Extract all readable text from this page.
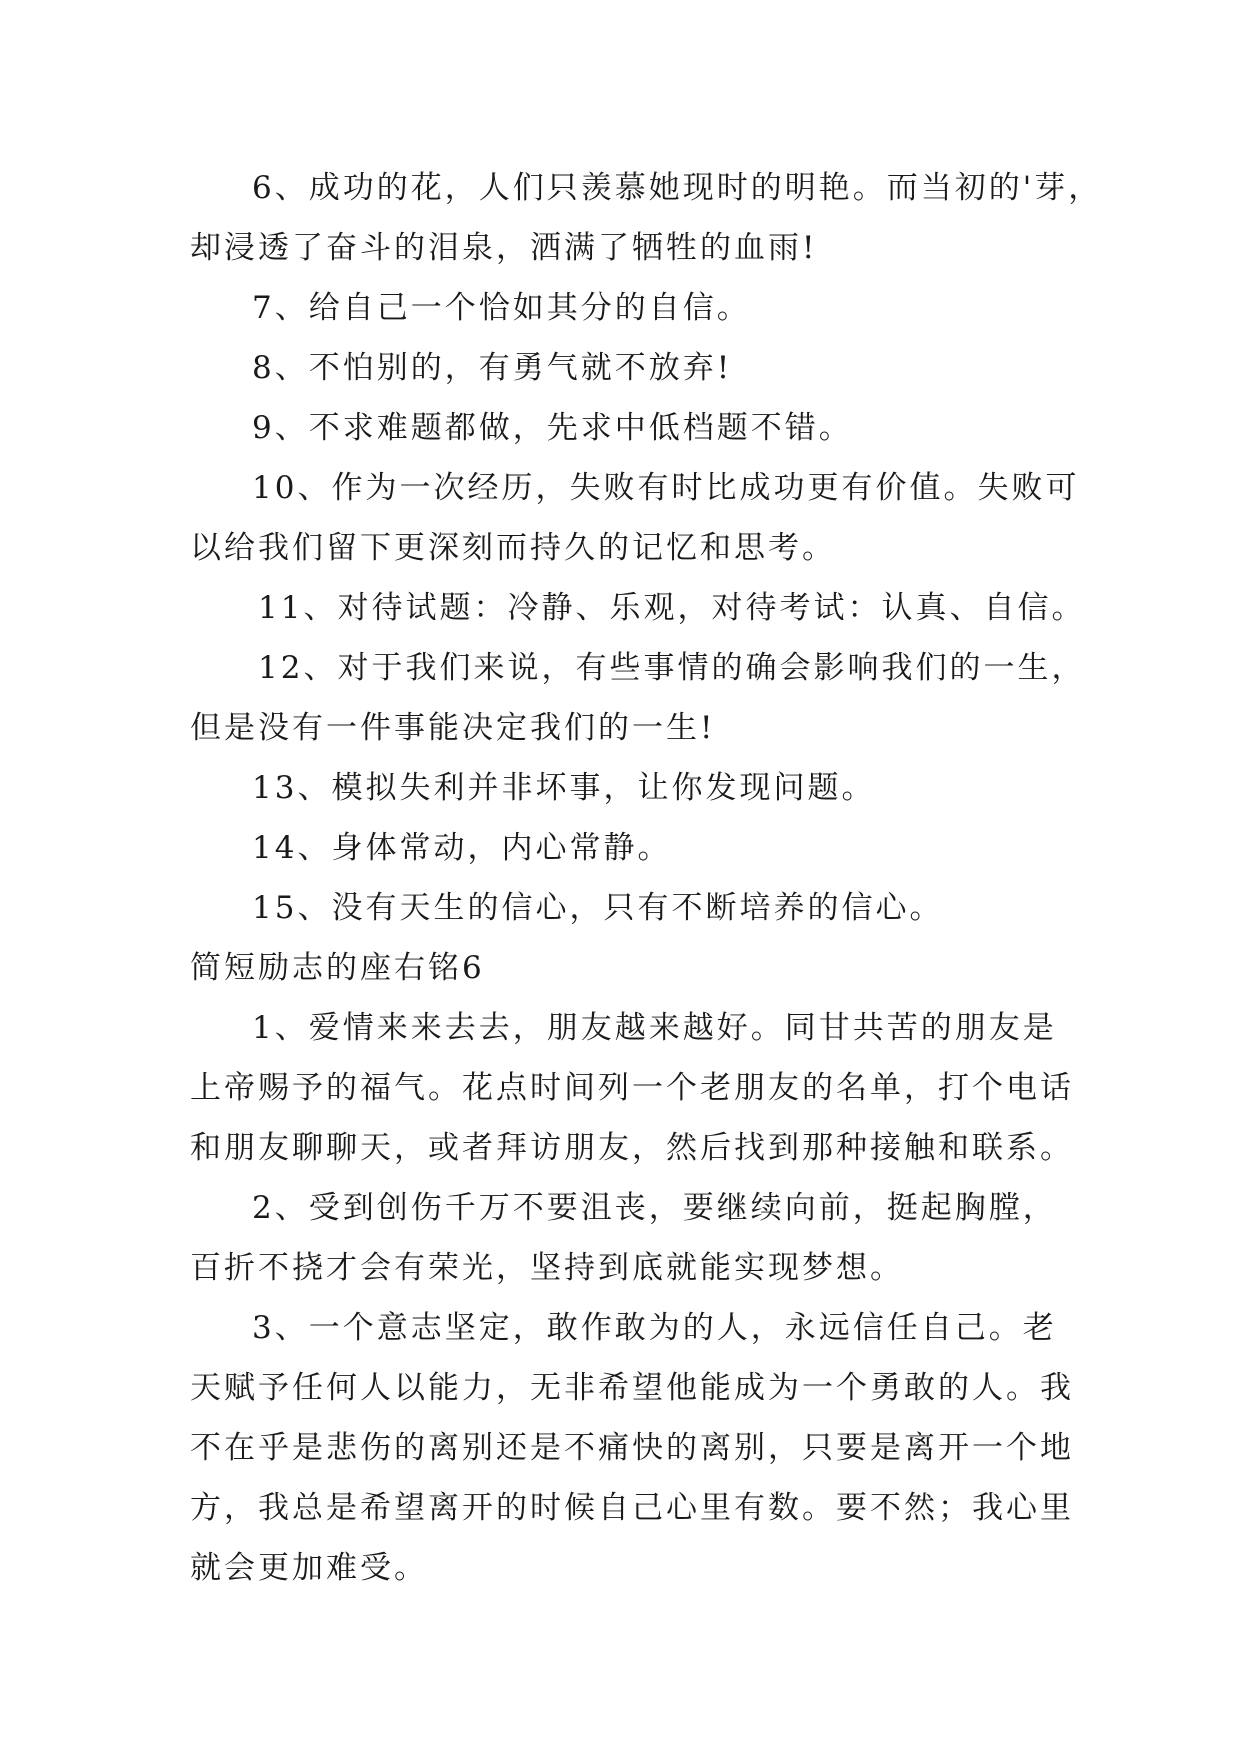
6、成功的花，人们只羡慕她现时的明艳。而当初的'芽，
却浸透了奋斗的泪泉，洒满了牺牲的血雨!
7、给自己一个恰如其分的自信。
8、不怕别的，有勇气就不放弃!
9、不求难题都做，先求中低档题不错。
10、作为一次经历，失败有时比成功更有价值。失败可
以给我们留下更深刻而持久的记忆和思考。
11、对待试题：冷静、乐观，对待考试：认真、自信。
12、对于我们来说，有些事情的确会影响我们的一生，
但是没有一件事能决定我们的一生!
13、模拟失利并非坏事，让你发现问题。
14、身体常动，内心常静。
15、没有天生的信心，只有不断培养的信心。
简短励志的座右铭6
1、爱情来来去去，朋友越来越好。同甘共苦的朋友是
上帝赐予的福气。花点时间列一个老朋友的名单，打个电话
和朋友聊聊天，或者拜访朋友，然后找到那种接触和联系。
2、受到创伤千万不要沮丧，要继续向前，挺起胸膛，
百折不挠才会有荣光，坚持到底就能实现梦想。
3、一个意志坚定，敢作敢为的人，永远信任自己。老
天赋予任何人以能力，无非希望他能成为一个勇敢的人。我
不在乎是悲伤的离别还是不痛快的离别，只要是离开一个地
方，我总是希望离开的时候自己心里有数。要不然；我心里
就会更加难受。
